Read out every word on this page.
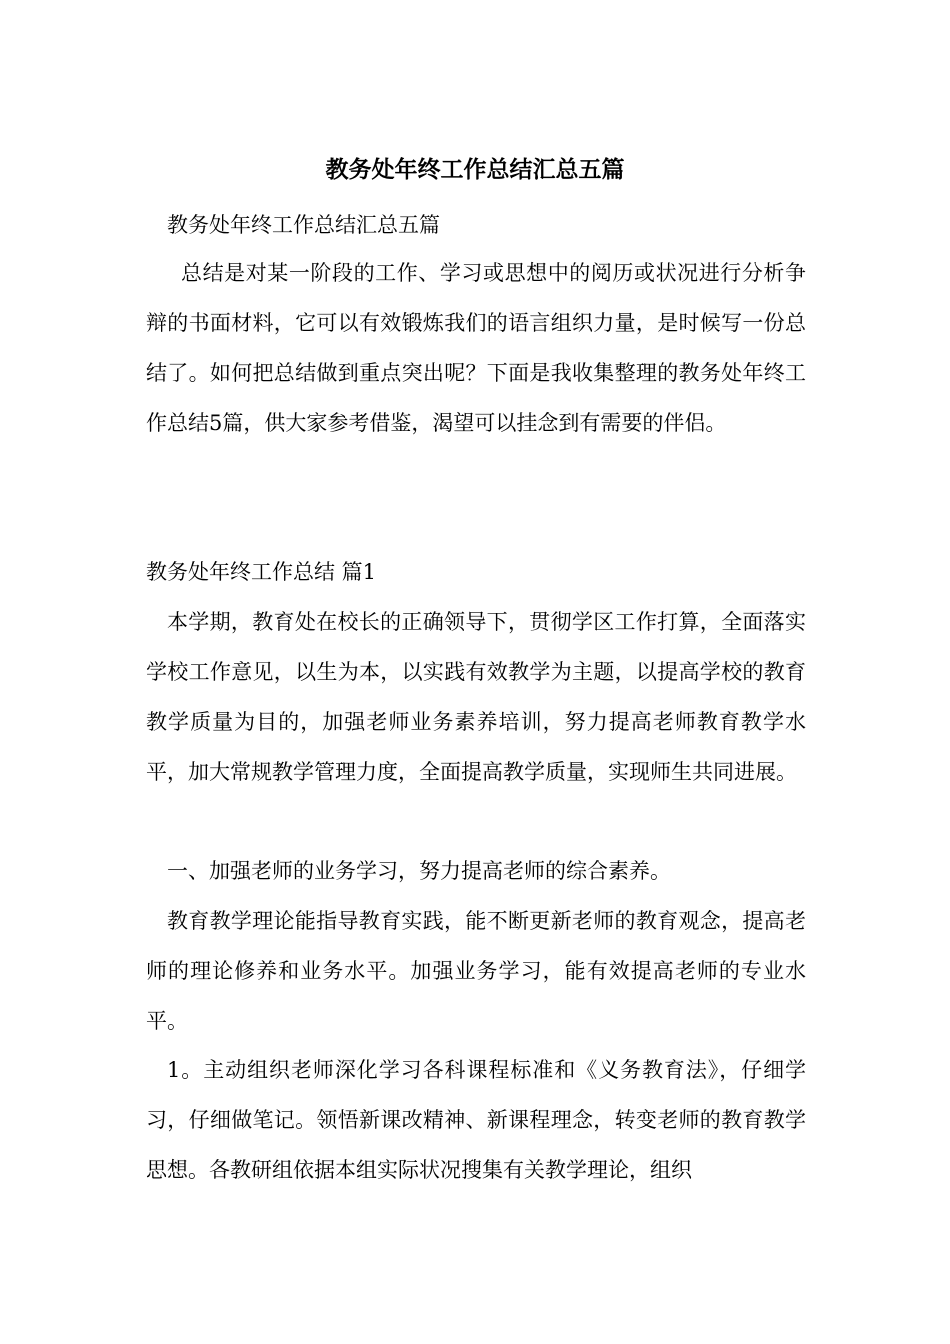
教务处年终工作总结汇总五篇

教务处年终工作总结汇总五篇

总结是对某一阶段的工作、学习或思想中的阅历或状况进行分析争辩的书面材料，它可以有效锻炼我们的语言组织力量，是时候写一份总结了。如何把总结做到重点突出呢？下面是我收集整理的教务处年终工作总结5篇，供大家参考借鉴，渴望可以挂念到有需要的伴侣。

教务处年终工作总结 篇1

本学期，教育处在校长的正确领导下，贯彻学区工作打算，全面落实学校工作意见，以生为本，以实践有效教学为主题，以提高学校的教育教学质量为目的，加强老师业务素养培训，努力提高老师教育教学水平，加大常规教学管理力度，全面提高教学质量，实现师生共同进展。

一、加强老师的业务学习，努力提高老师的综合素养。

教育教学理论能指导教育实践，能不断更新老师的教育观念，提高老师的理论修养和业务水平。加强业务学习，能有效提高老师的专业水平。

1。主动组织老师深化学习各科课程标准和《义务教育法》，仔细学习，仔细做笔记。领悟新课改精神、新课程理念，转变老师的教育教学思想。各教研组依据本组实际状况搜集有关教学理论，组织
